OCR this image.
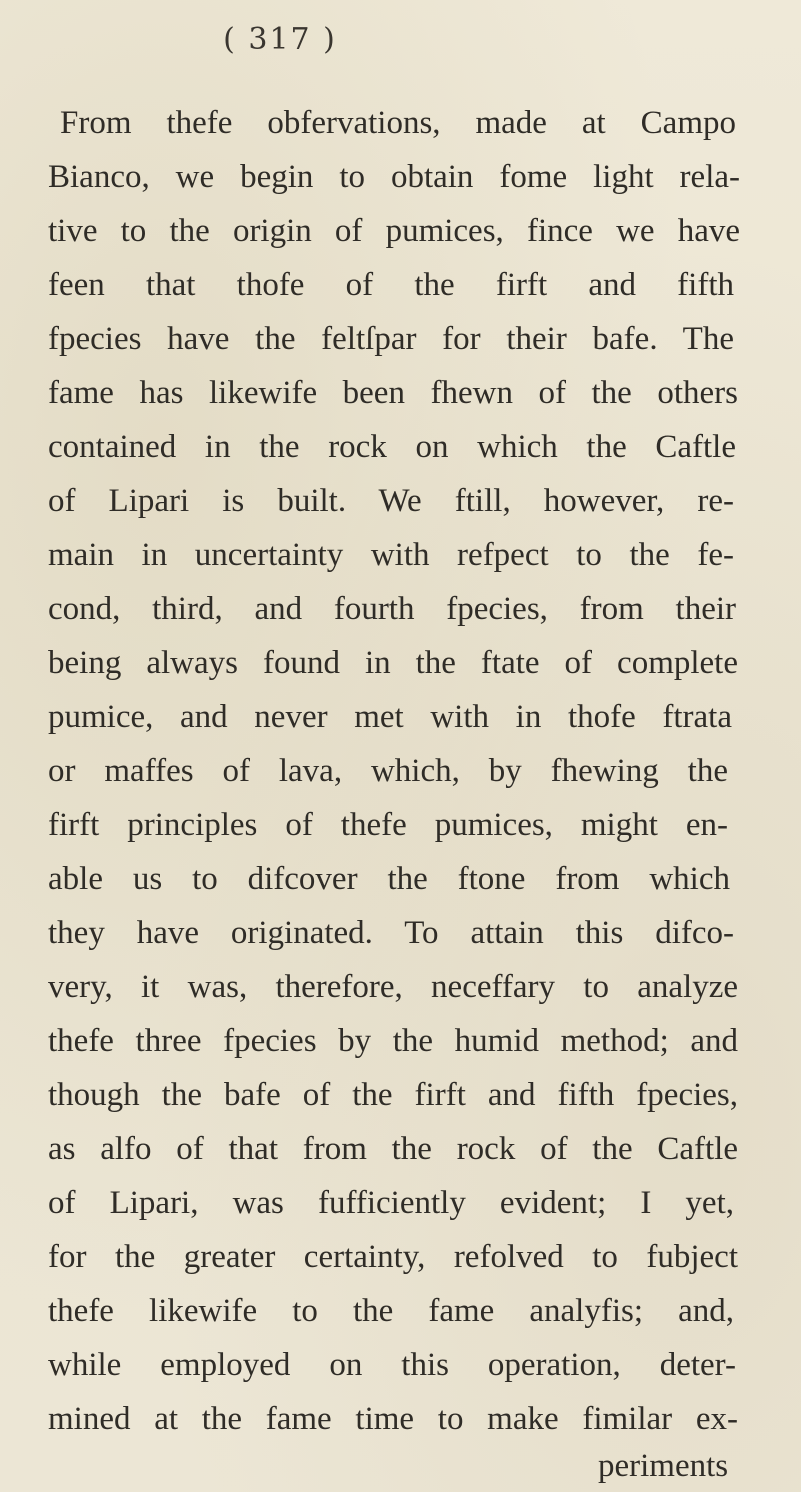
( 317 )
From thefe obfervations, made at Campo
Bianco, we begin to obtain fome light rela-
tive to the origin of pumices, fince we have
feen that thofe of the firft and fifth
fpecies have the feltſpar for their bafe. The
fame has likewife been fhewn of the others
contained in the rock on which the Caftle
of Lipari is built. We ftill, however, re-
main in uncertainty with refpect to the fe-
cond, third, and fourth fpecies, from their
being always found in the ftate of complete
pumice, and never met with in thofe ftrata
or maffes of lava, which, by fhewing the
firft principles of thefe pumices, might en-
able us to difcover the ftone from which
they have originated. To attain this difco-
very, it was, therefore, neceffary to analyze
thefe three fpecies by the humid method; and
though the bafe of the firft and fifth fpecies,
as alfo of that from the rock of the Caftle
of Lipari, was fufficiently evident; I yet,
for the greater certainty, refolved to fubject
thefe likewife to the fame analyfis; and,
while employed on this operation, deter-
mined at the fame time to make fimilar ex-
periments
